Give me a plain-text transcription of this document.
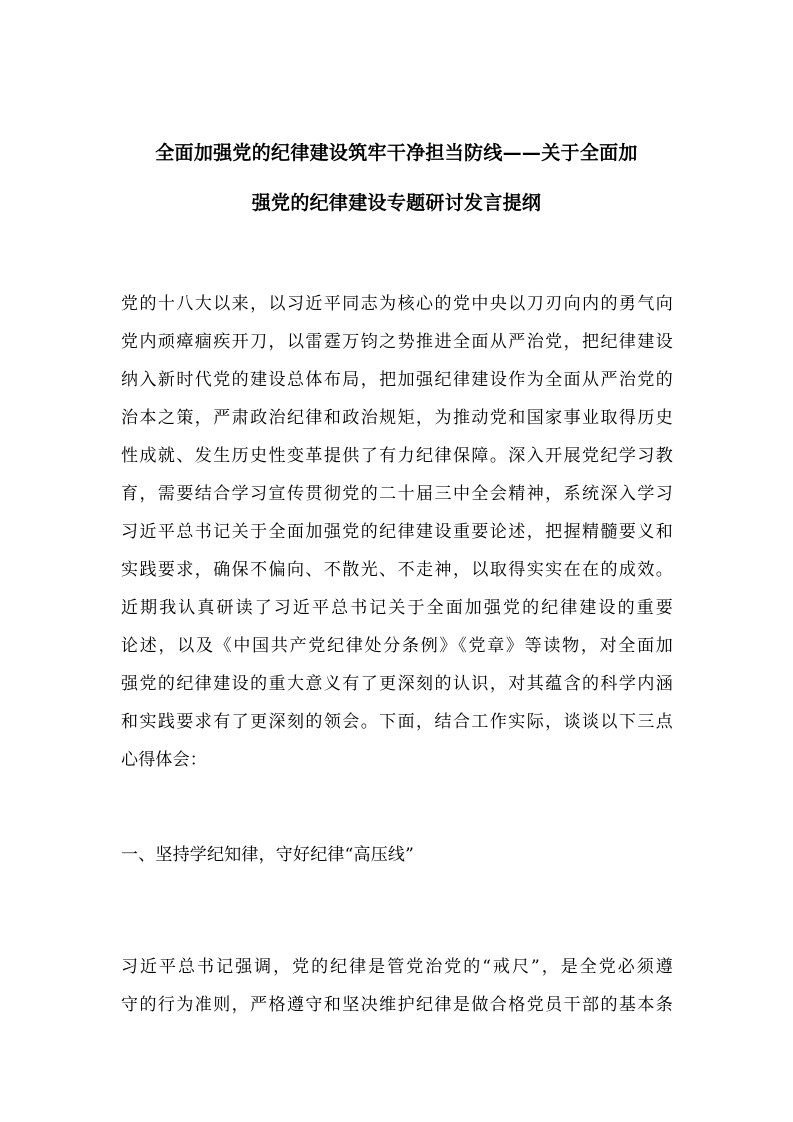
全面加强党的纪律建设筑牢干净担当防线——关于全面加
强党的纪律建设专题研讨发言提纲
党的十八大以来，以习近平同志为核心的党中央以刀刃向内的勇气向
党内顽瘴痼疾开刀，以雷霆万钧之势推进全面从严治党，把纪律建设
纳入新时代党的建设总体布局，把加强纪律建设作为全面从严治党的
治本之策，严肃政治纪律和政治规矩，为推动党和国家事业取得历史
性成就、发生历史性变革提供了有力纪律保障。深入开展党纪学习教
育，需要结合学习宣传贯彻党的二十届三中全会精神，系统深入学习
习近平总书记关于全面加强党的纪律建设重要论述，把握精髓要义和
实践要求，确保不偏向、不散光、不走神，以取得实实在在的成效。
近期我认真研读了习近平总书记关于全面加强党的纪律建设的重要
论述，以及《中国共产党纪律处分条例》《党章》等读物，对全面加
强党的纪律建设的重大意义有了更深刻的认识，对其蕴含的科学内涵
和实践要求有了更深刻的领会。下面，结合工作实际，谈谈以下三点
心得体会：
一、坚持学纪知律，守好纪律“高压线”
习近平总书记强调，党的纪律是管党治党的“戒尺”，是全党必须遵
守的行为准则，严格遵守和坚决维护纪律是做合格党员干部的基本条
